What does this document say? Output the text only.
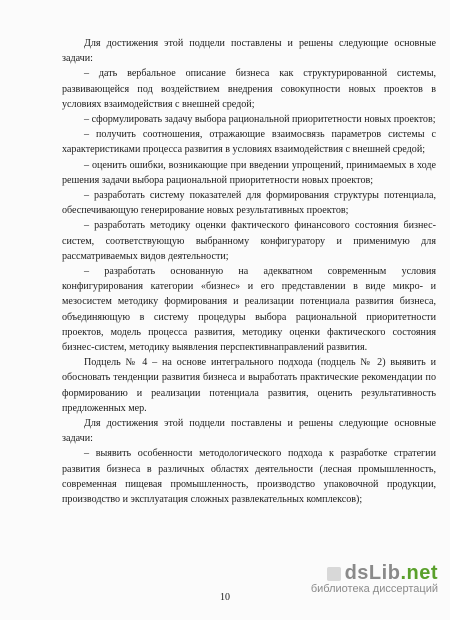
Для достижения этой подцели поставлены и решены следующие основные задачи:

– дать вербальное описание бизнеса как структурированной системы, развивающейся под воздействием внедрения совокупности новых проектов в условиях взаимодействия с внешней средой;

– сформулировать задачу выбора рациональной приоритетности новых проектов;

– получить соотношения, отражающие взаимосвязь параметров системы с характеристиками процесса развития в условиях взаимодействия с внешней средой;

– оценить ошибки, возникающие при введении упрощений, принимаемых в ходе решения задачи выбора рациональной приоритетности новых проектов;

– разработать систему показателей для формирования структуры потенциала, обеспечивающую генерирование новых результативных проектов;

– разработать методику оценки фактического финансового состояния бизнес-систем, соответствующую выбранному конфигуратору и применимую для рассматриваемых видов деятельности;

– разработать основанную на адекватном современным условия конфигурирования категории «бизнес» и его представлении в виде микро- и мезосистем методику формирования и реализации потенциала развития бизнеса, объединяющую в систему процедуры выбора рациональной приоритетности проектов, модель процесса развития, методику оценки фактического состояния бизнес-систем, методику выявления перспективнаправлений развития.

Подцель № 4 – на основе интегрального подхода (подцель № 2) выявить и обосновать тенденции развития бизнеса и выработать практические рекомендации по формированию и реализации потенциала развития, оценить результативность предложенных мер.

Для достижения этой подцели поставлены и решены следующие основные задачи:

– выявить особенности методологического подхода к разработке стратегии развития бизнеса в различных областях деятельности (лесная промышленность, современная пищевая промышленность, производство упаковочной продукции, производство и эксплуатация сложных развлекательных комплексов);

10
dsLib.net
библиотека диссертаций
